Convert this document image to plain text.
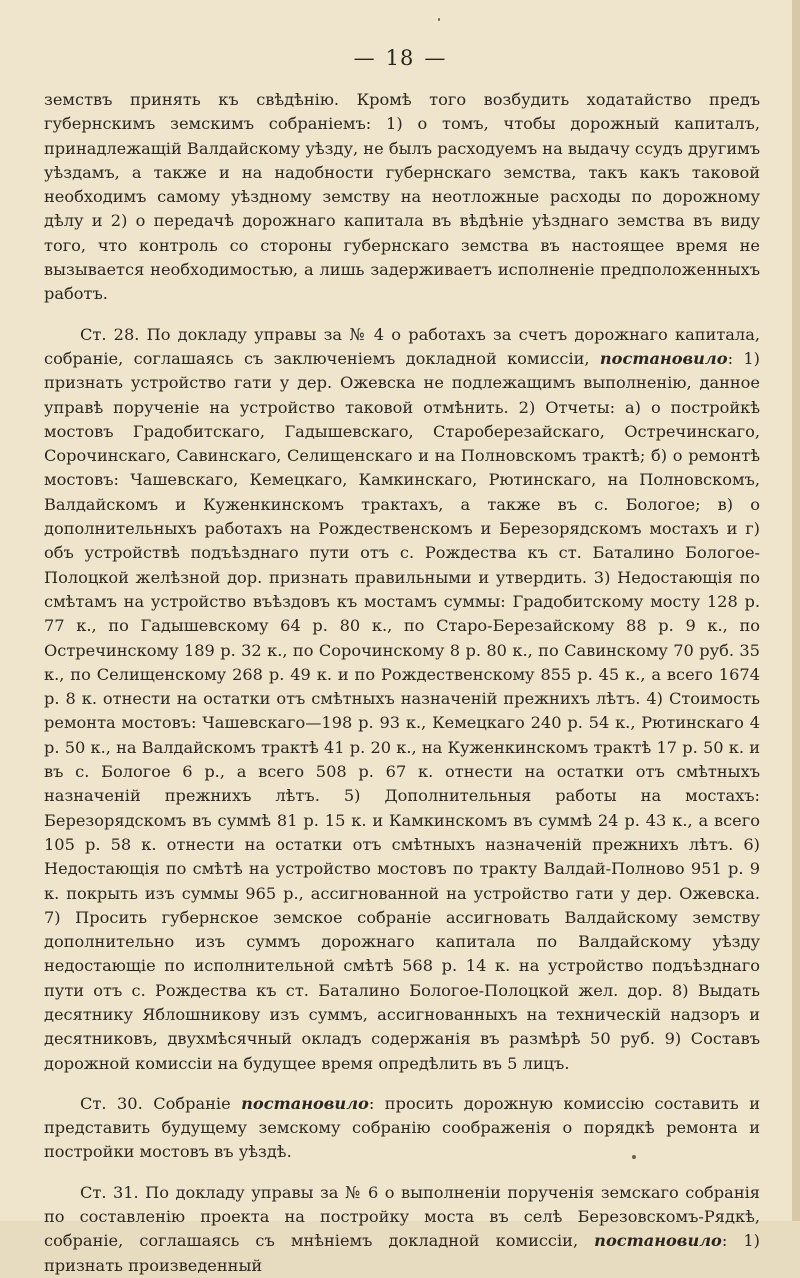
— 18 —

земствъ принять къ свѣдѣнію. Кромѣ того возбудить ходатайство предъ губернскимъ земскимъ собраніемъ: 1) о томъ, чтобы дорожный капиталъ, принадлежащій Валдайскому уѣзду, не былъ расходуемъ на выдачу ссудъ другимъ уѣздамъ, а также и на надобности губернскаго земства, такъ какъ таковой необходимъ самому уѣздному земству на неотложные расходы по дорожному дѣлу и 2) о передачѣ дорожнаго капитала въ вѣдѣніе уѣзднаго земства въ виду того, что контроль со стороны губернскаго земства въ настоящее время не вызывается необходимостью, а лишь задерживаетъ исполненіе предположенныхъ работъ.

Ст. 28. По докладу управы за № 4 о работахъ за счетъ дорожнаго капитала, собраніе, соглашаясь съ заключеніемъ докладной комиссіи, постановило: 1) признать устройство гати у дер. Ожевска не подлежащимъ выполненію, данное управѣ порученіе на устройство таковой отмѣнить. 2) Отчеты: а) о постройкѣ мостовъ Градобитскаго, Гадышевскаго, Староберезайскаго, Остречинскаго, Сорочинскаго, Савинскаго, Селищенскаго и на Полновскомъ трактѣ; б) о ремонтѣ мостовъ: Чашевскаго, Кемецкаго, Камкинскаго, Рютинскаго, на Полновскомъ, Валдайскомъ и Куженкинскомъ трактахъ, а также въ с. Бологое; в) о дополнительныхъ работахъ на Рождественскомъ и Березорядскомъ мостахъ и г) объ устройствѣ подъѣзднаго пути отъ с. Рождества къ ст. Баталино Бологое-Полоцкой желѣзной дор. признать правильными и утвердить. 3) Недостающія по смѣтамъ на устройство въѣздовъ къ мостамъ суммы: Градобитскому мосту 128 р. 77 к., по Гадышевскому 64 р. 80 к., по Старо-Березайскому 88 р. 9 к., по Остречинскому 189 р. 32 к., по Сорочинскому 8 р. 80 к., по Савинскому 70 руб. 35 к., по Селищенскому 268 р. 49 к. и по Рождественскому 855 р. 45 к., а всего 1674 р. 8 к. отнести на остатки отъ смѣтныхъ назначеній прежнихъ лѣтъ. 4) Стоимость ремонта мостовъ: Чашевскаго—198 р. 93 к., Кемецкаго 240 р. 54 к., Рютинскаго 4 р. 50 к., на Валдайскомъ трактѣ 41 р. 20 к., на Куженкинскомъ трактѣ 17 р. 50 к. и въ с. Бологое 6 р., а всего 508 р. 67 к. отнести на остатки отъ смѣтныхъ назначеній прежнихъ лѣтъ. 5) Дополнительныя работы на мостахъ: Березорядскомъ въ суммѣ 81 р. 15 к. и Камкинскомъ въ суммѣ 24 р. 43 к., а всего 105 р. 58 к. отнести на остатки отъ смѣтныхъ назначеній прежнихъ лѣтъ. 6) Недостающія по смѣтѣ на устройство мостовъ по тракту Валдай-Полново 951 р. 9 к. покрыть изъ суммы 965 р., ассигнованной на устройство гати у дер. Ожевска. 7) Просить губернское земское собраніе ассигновать Валдайскому земству дополнительно изъ суммъ дорожнаго капитала по Валдайскому уѣзду недостающіе по исполнительной смѣтѣ 568 р. 14 к. на устройство подъѣзднаго пути отъ с. Рождества къ ст. Баталино Бологое-Полоцкой жел. дор. 8) Выдать десятнику Яблошникову изъ суммъ, ассигнованныхъ на техническій надзоръ и десятниковъ, двухмѣсячный окладъ содержанія въ размѣрѣ 50 руб. 9) Составъ дорожной комиссіи на будущее время опредѣлить въ 5 лицъ.

Ст. 30. Собраніе постановило: просить дорожную комиссію составить и представить будущему земскому собранію соображенія о порядкѣ ремонта и постройки мостовъ въ уѣздѣ.

Ст. 31. По докладу управы за № 6 о выполненіи порученія земскаго собранія по составленію проекта на постройку моста въ селѣ Березовскомъ-Рядкѣ, собраніе, соглашаясь съ мнѣніемъ докладной комиссіи, постановило: 1) признать произведенный
